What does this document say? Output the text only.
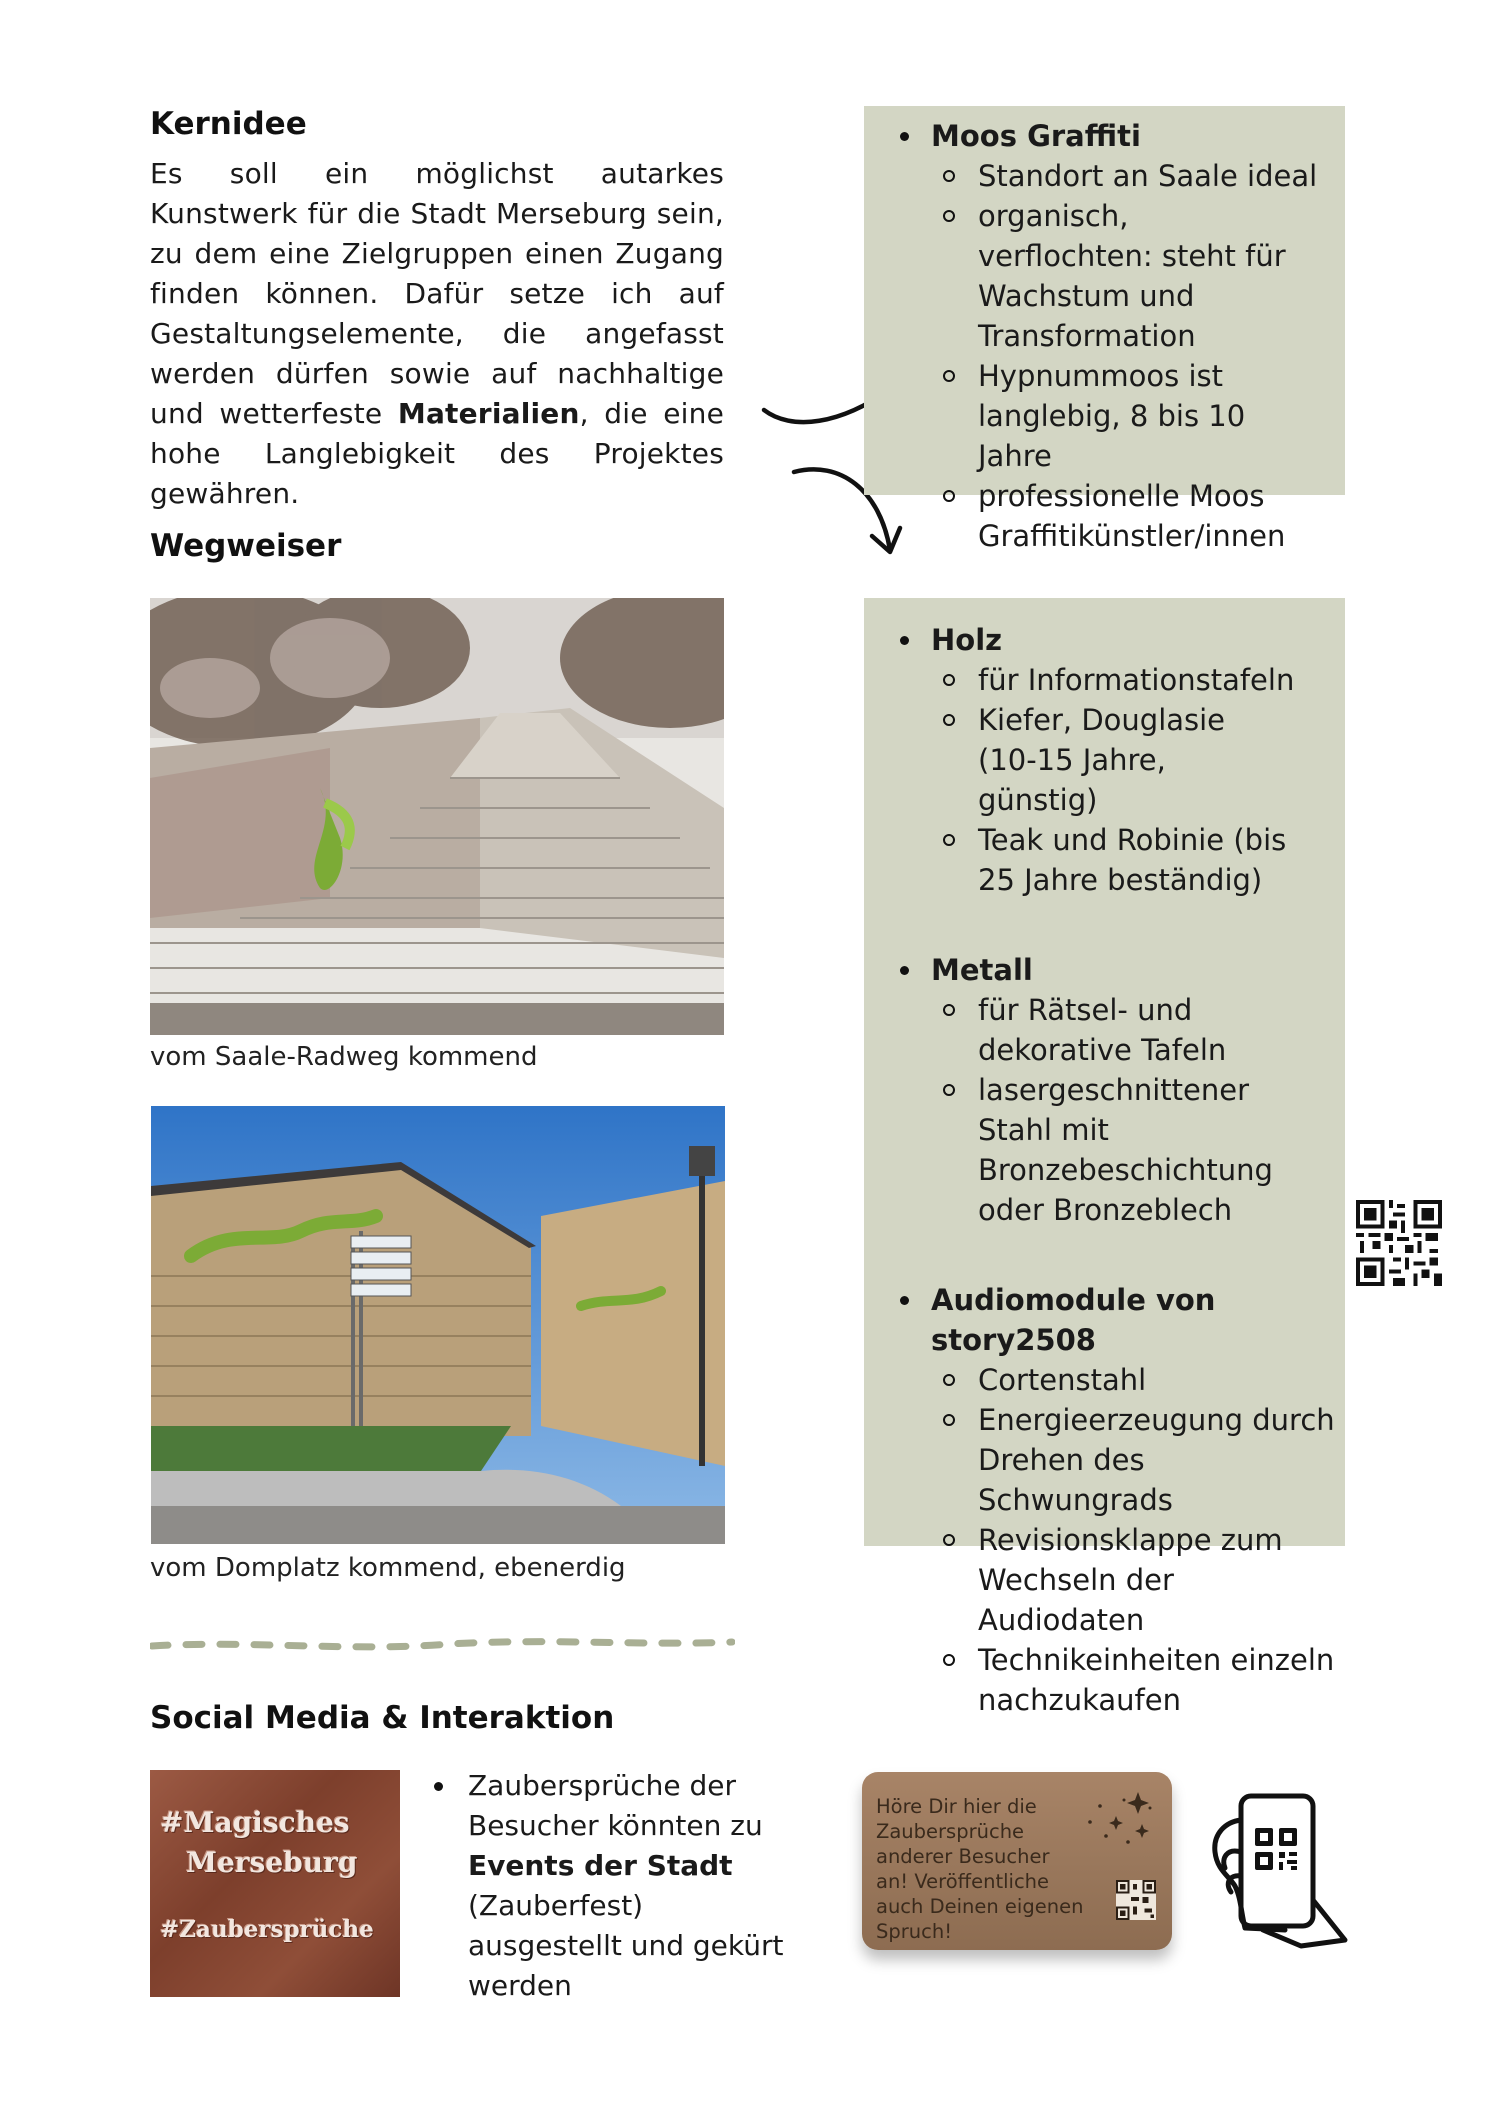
Kernidee

Es soll ein möglichst autarkes Kunstwerk für die Stadt Merseburg sein, zu dem eine Zielgruppen einen Zugang finden können. Dafür setze ich auf Gestaltungselemente, die angefasst werden dürfen sowie auf nachhaltige und wetterfeste Materialien, die eine hohe Langlebigkeit des Projektes gewähren.

Moos Graffiti
Standort an Saale ideal
organisch, verflochten: steht für Wachstum und Transformation
Hypnummoos ist langlebig, 8 bis 10 Jahre
professionelle Moos Graffitikünstler/innen
Wegweiser
vom Saale-Radweg kommend
vom Domplatz kommend, ebenerdig
Holz
für Informationstafeln
Kiefer, Douglasie (10-15 Jahre, günstig)
Teak und Robinie (bis 25 Jahre beständig)
Metall
für Rätsel- und dekorative Tafeln
lasergeschnittener Stahl mit Bronzebeschichtung oder Bronzeblech
Audiomodule von story2508
Cortenstahl
Energieerzeugung durch Drehen des Schwungrads
Revisionsklappe zum Wechseln der Audiodaten
Technikeinheiten einzeln nachzukaufen
Social Media & Interaktion
#Magisches
Merseburg
#Zaubersprüche
Zaubersprüche der Besucher könnten zu Events der Stadt (Zauberfest) ausgestellt und gekürt werden
Höre Dir hier die Zaubersprüche anderer Besucher an! Veröffentliche auch Deinen eigenen Spruch!
